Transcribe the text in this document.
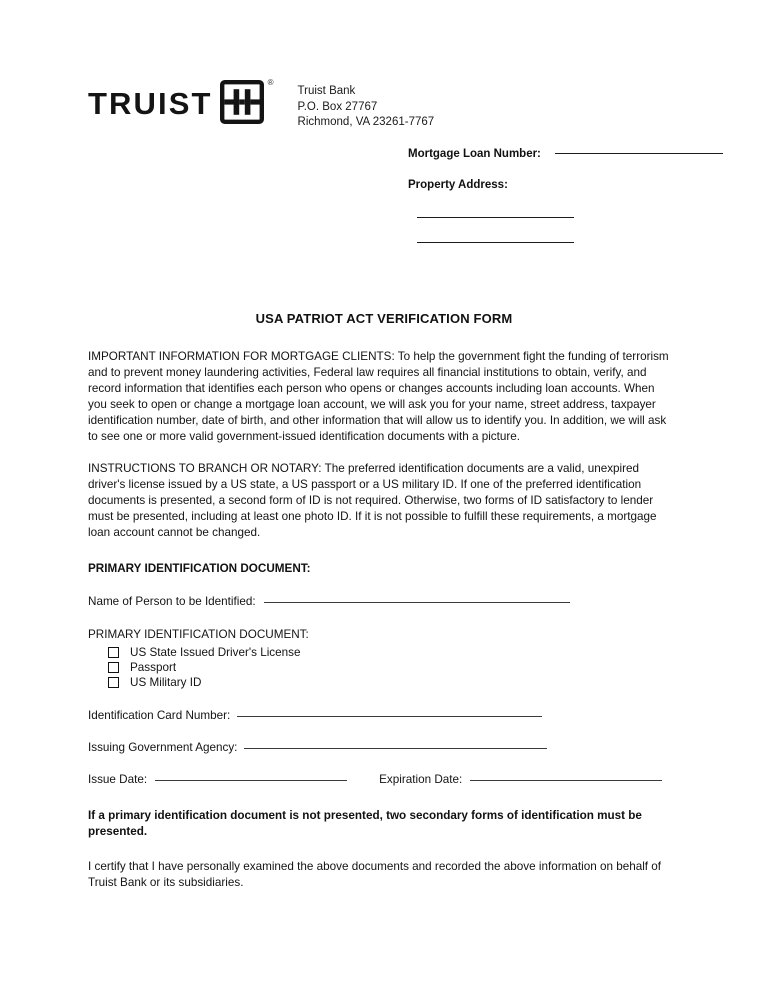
TRUIST
®
Truist Bank
P.O. Box 27767
Richmond, VA 23261-7767
Mortgage Loan Number:
Property Address:
USA PATRIOT ACT VERIFICATION FORM

IMPORTANT INFORMATION FOR MORTGAGE CLIENTS: To help the government fight the funding of terrorism and to prevent money laundering activities, Federal law requires all financial institutions to obtain, verify, and record information that identifies each person who opens or changes accounts including loan accounts. When you seek to open or change a mortgage loan account, we will ask you for your name, street address, taxpayer identification number, date of birth, and other information that will allow us to identify you. In addition, we will ask to see one or more valid government-issued identification documents with a picture.

INSTRUCTIONS TO BRANCH OR NOTARY: The preferred identification documents are a valid, unexpired driver's license issued by a US state, a US passport or a US military ID. If one of the preferred identification documents is presented, a second form of ID is not required. Otherwise, two forms of ID satisfactory to lender must be presented, including at least one photo ID. If it is not possible to fulfill these requirements, a mortgage loan account cannot be changed.

PRIMARY IDENTIFICATION DOCUMENT:
Name of Person to be Identified:
PRIMARY IDENTIFICATION DOCUMENT:
US State Issued Driver's License
Passport
US Military ID
Identification Card Number:
Issuing Government Agency:
Issue Date:	Expiration Date:

If a primary identification document is not presented, two secondary forms of identification must be presented.

I certify that I have personally examined the above documents and recorded the above information on behalf of Truist Bank or its subsidiaries.
